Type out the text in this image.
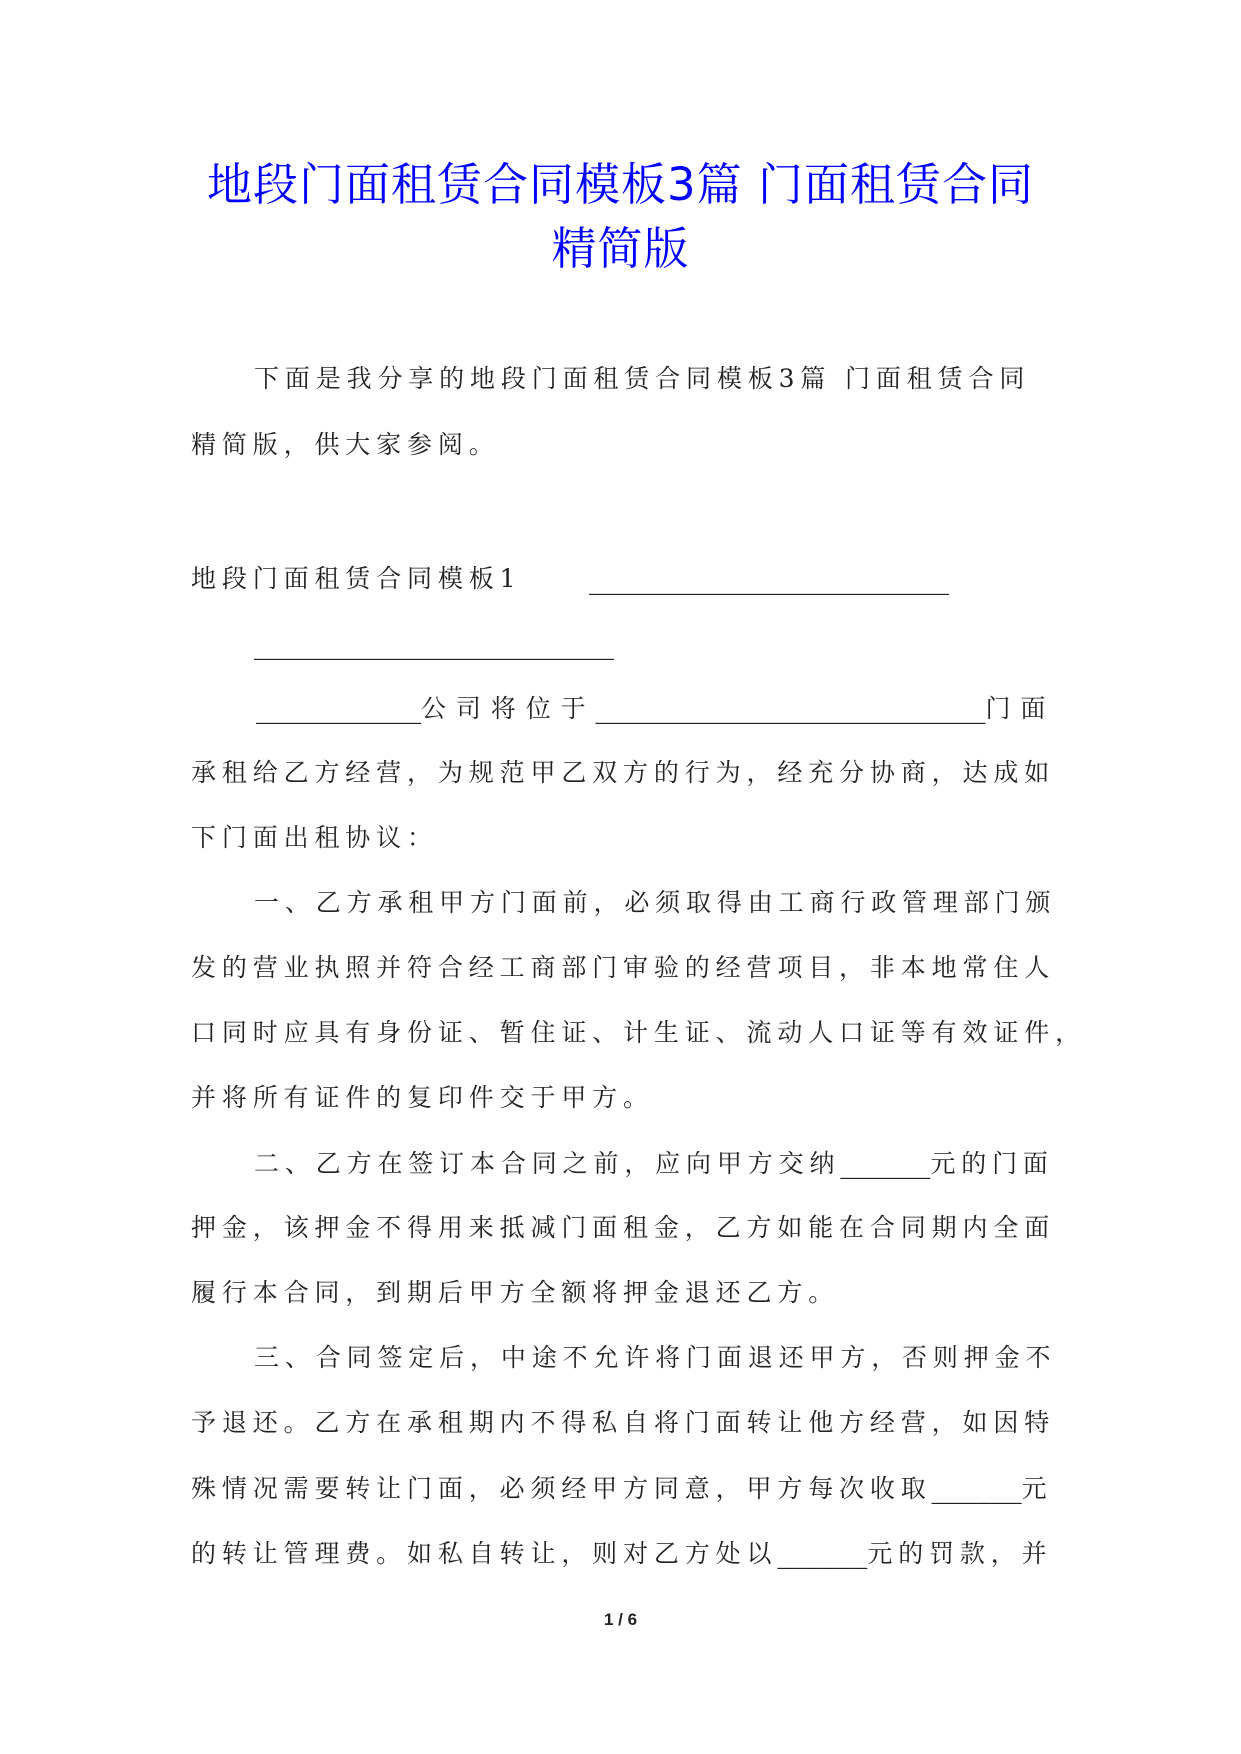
地段门面租赁合同模板3篇 门面租赁合同
精简版
下面是我分享的地段门面租赁合同模板3篇 门面租赁合同
精简版，供大家参阅。
地段门面租赁合同模板1 ________________________
________________________
___________公司将位于__________________________门面
承租给乙方经营，为规范甲乙双方的行为，经充分协商，达成如
下门面出租协议：
一、乙方承租甲方门面前，必须取得由工商行政管理部门颁
发的营业执照并符合经工商部门审验的经营项目，非本地常住人
口同时应具有身份证、暂住证、计生证、流动人口证等有效证件，
并将所有证件的复印件交于甲方。
二、乙方在签订本合同之前，应向甲方交纳______元的门面
押金，该押金不得用来抵减门面租金，乙方如能在合同期内全面
履行本合同，到期后甲方全额将押金退还乙方。
三、合同签定后，中途不允许将门面退还甲方，否则押金不
予退还。乙方在承租期内不得私自将门面转让他方经营，如因特
殊情况需要转让门面，必须经甲方同意，甲方每次收取______元
的转让管理费。如私自转让，则对乙方处以______元的罚款，并
1 / 6
